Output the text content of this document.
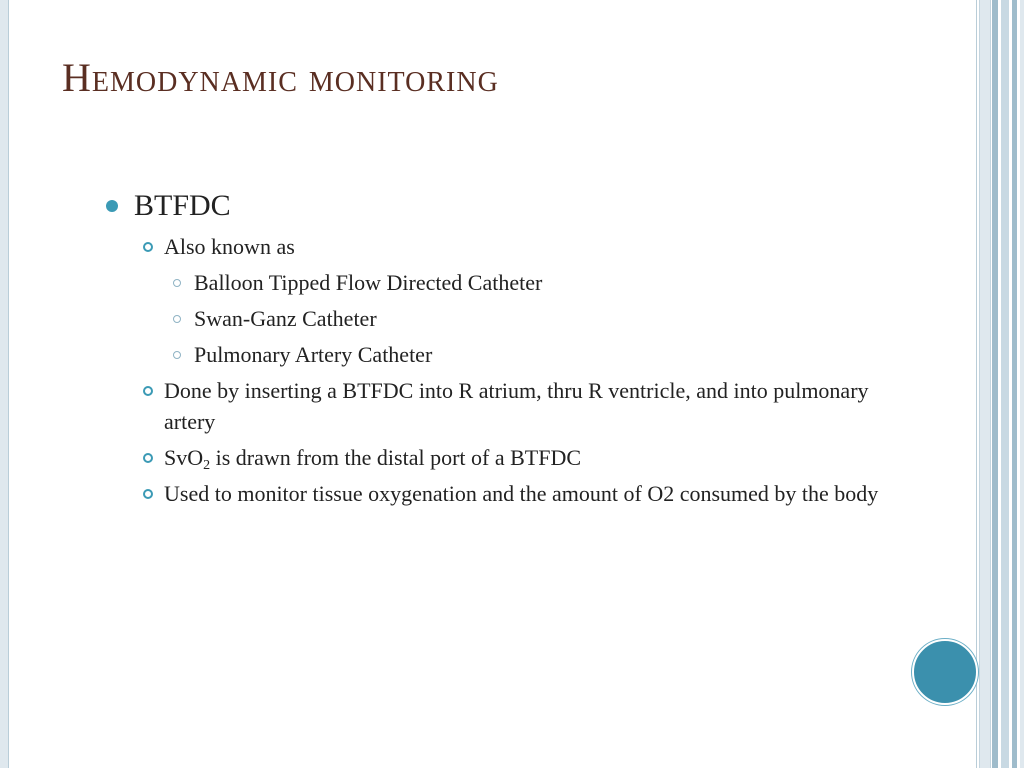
Hemodynamic monitoring
BTFDC
Also known as
Balloon Tipped Flow Directed Catheter
Swan-Ganz Catheter
Pulmonary Artery Catheter
Done by inserting a BTFDC into R atrium, thru R ventricle, and into pulmonary artery
SvO$_2$ is drawn from the distal port of a BTFDC
Used to monitor tissue oxygenation and the amount of O2 consumed by the body
